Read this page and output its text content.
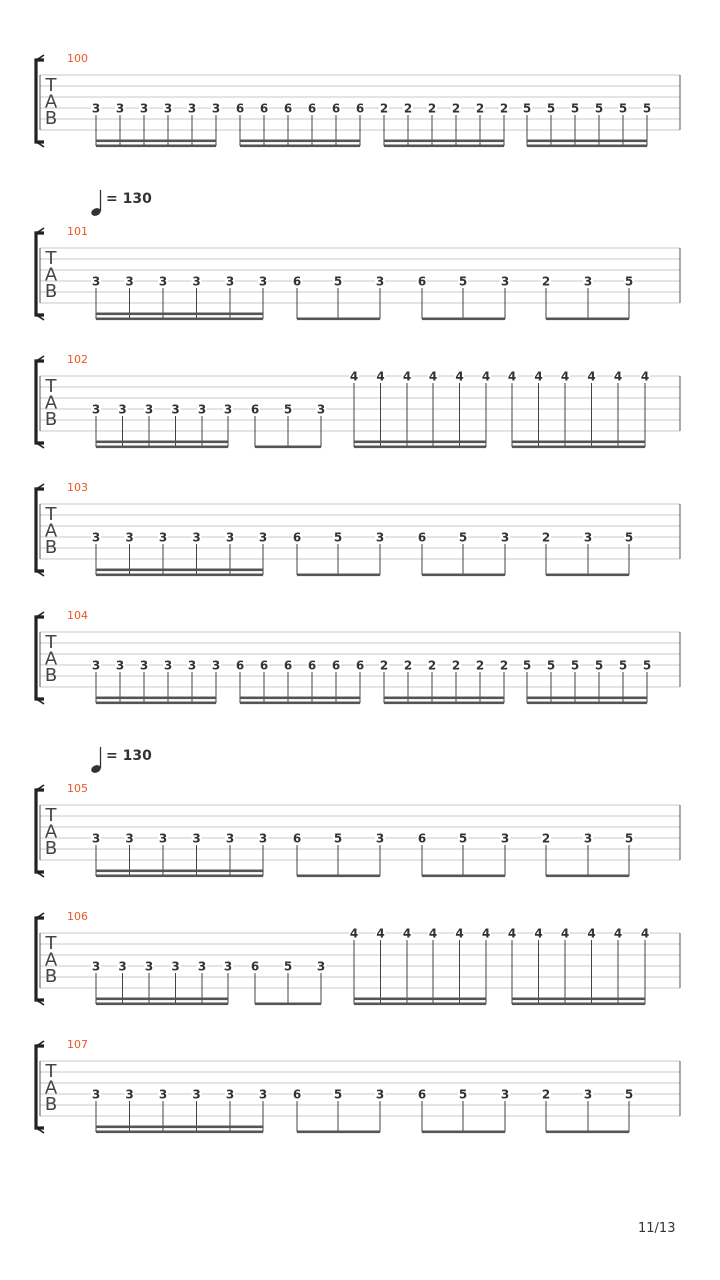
100
T
A
B	3 3 3 3 3 3 6 6 6 6 6 6 2 2 2 2 2 2 5 5 5 5 5 5
= 130
101
T
A
B	3 3 3 3 3 3 6	5	3	6	5	3	2	3	5
102
T
A
B	3 3 3 3 3 3 6 5 3
4 4 4 4 4 4 4 4 4 4 4 4
103
T
A
B	3 3 3 3 3 3 6	5	3	6	5	3	2	3	5
104
T
A
B	3 3 3 3 3 3 6 6 6 6 6 6 2 2 2 2 2 2 5 5 5 5 5 5
= 130
105
T
A
B	3 3 3 3 3 3 6	5	3	6	5	3	2	3	5
106
T
A
B	3 3 3 3 3 3 6 5 3
4 4 4 4 4 4 4 4 4 4 4 4
107
T
A
B	3 3 3 3 3 3 6	5	3	6	5	3	2	3	5
11/13
